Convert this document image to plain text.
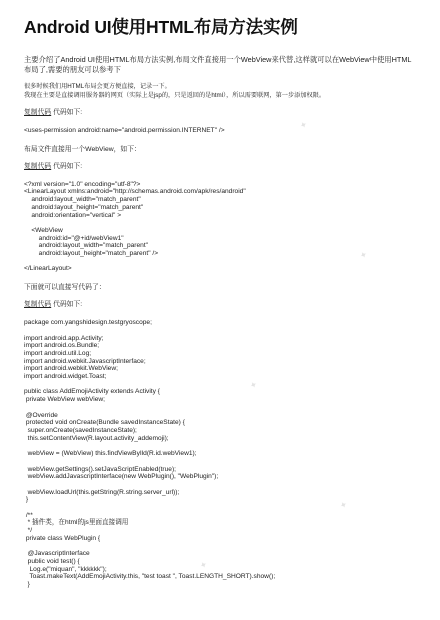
Android UI使用HTML布局方法实例

主要介绍了Android UI使用HTML布局方法实例,布局文件直接用一个WebView来代替,这样就可以在WebView中使用HTML布局了,需要的朋友可以参考下

很多时候我们用HTML布局会更方便直接，记录一下。
我现在主要是直接调用服务器的网页（实际上是jsp的，只是返回的是html），所以需要联网，第一步添加权限。

复制代码 代码如下:

<uses-permission android:name="android.permission.INTERNET" />

布局文件直接用一个WebView，如下：

复制代码 代码如下:

<?xml version="1.0" encoding="utf-8"?>
<LinearLayout xmlns:android="http://schemas.android.com/apk/res/android"
android:layout_width="match_parent"
android:layout_height="match_parent"
android:orientation="vertical" >

<WebView
android:id="@+id/webView1"
android:layout_width="match_parent"
android:layout_height="match_parent" />

</LinearLayout>

下面就可以直接写代码了：

复制代码 代码如下:

package com.yangshidesign.testgryoscope;

import android.app.Activity;
import android.os.Bundle;
import android.util.Log;
import android.webkit.JavascriptInterface;
import android.webkit.WebView;
import android.widget.Toast;

public class AddEmojiActivity extends Activity {
private WebView webView;

@Override
protected void onCreate(Bundle savedInstanceState) {
super.onCreate(savedInstanceState);
this.setContentView(R.layout.activity_addemoji);

webView = (WebView) this.findViewByIld(R.id.webView1);

webView.getSettings().setJavaScriptEnabled(true);
webView.addJavascriptInterface(new WebPlugin(), "WebPlugin");

webView.loadUrl(this.getString(R.string.server_url));
}

/**
* 插件类，在html的js里面直接调用
*/
private class WebPlugin {

@JavascriptInterface
public void test() {
Log.e("miquan", "kkkkkk");
Toast.makeText(AddEmojiActivity.this, "test toast ", Toast.LENGTH_SHORT).show();
}
✦
✦
✦
✦
✦
